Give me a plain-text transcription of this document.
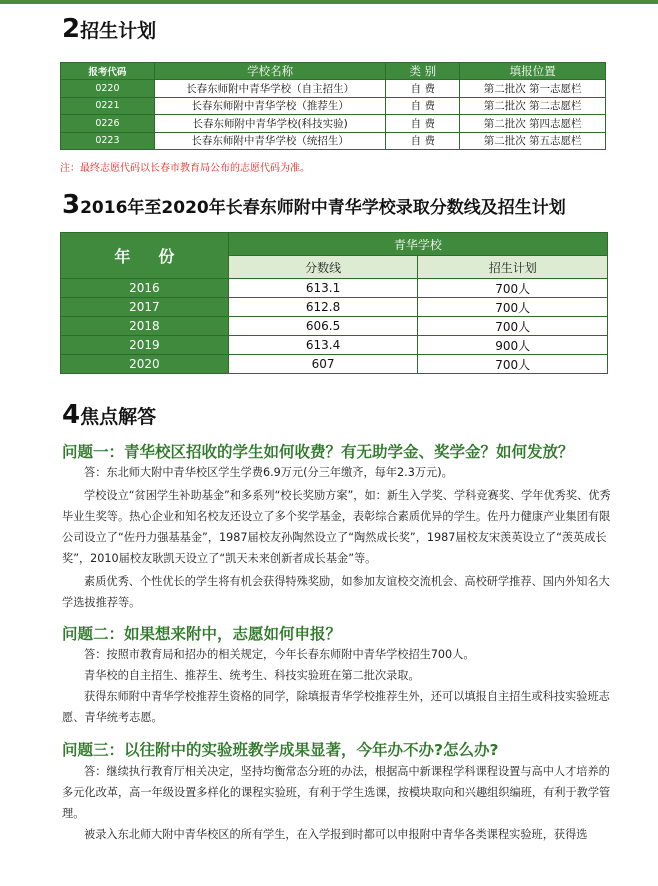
2招生计划
报考代码	学校名称	类 别	填报位置
0220	长春东师附中青华学校（自主招生）	自 费	第二批次 第一志愿栏
0221	长春东师附中青华学校（推荐生）	自 费	第二批次 第二志愿栏
0226	长春东师附中青华学校(科技实验)	自 费	第二批次 第四志愿栏
0223	长春东师附中青华学校（统招生）	自 费	第二批次 第五志愿栏
注：最终志愿代码以长春市教育局公布的志愿代码为准。
32016年至2020年长春东师附中青华学校录取分数线及招生计划
年份	青华学校	
	分数线	招生计划
2016	613.1	700人
2017	612.8	700人
2018	606.5	700人
2019	613.4	900人
2020	607	700人
4焦点解答
问题一：青华校区招收的学生如何收费？有无助学金、奖学金？如何发放？
答：东北师大附中青华校区学生学费6.9万元(分三年缴齐，每年2.3万元)。
学校设立“贫困学生补助基金”和多系列“校长奖励方案”，如：新生入学奖、学科竞赛奖、学年优秀奖、优秀毕业生奖等。热心企业和知名校友还设立了多个奖学基金，表彰综合素质优异的学生。佐丹力健康产业集团有限公司设立了“佐丹力强基基金”，1987届校友孙陶然设立了“陶然成长奖”，1987届校友宋羡英设立了“羡英成长奖”，2010届校友耿凯天设立了“凯天未来创新者成长基金”等。
素质优秀、个性优长的学生将有机会获得特殊奖励，如参加友谊校交流机会、高校研学推荐、国内外知名大学选拔推荐等。
问题二：如果想来附中，志愿如何申报？
答：按照市教育局和招办的相关规定，今年长春东师附中青华学校招生700人。
青华校的自主招生、推荐生、统考生、科技实验班在第二批次录取。
获得东师附中青华学校推荐生资格的同学，除填报青华学校推荐生外，还可以填报自主招生或科技实验班志愿、青华统考志愿。
问题三：以往附中的实验班教学成果显著，今年办不办?怎么办?
答：继续执行教育厅相关决定，坚持均衡常态分班的办法，根据高中新课程学科课程设置与高中人才培养的多元化改革，高一年级设置多样化的课程实验班，有利于学生选课，按模块取向和兴趣组织编班，有利于教学管理。
被录入东北师大附中青华校区的所有学生，在入学报到时都可以申报附中青华各类课程实验班，获得选
